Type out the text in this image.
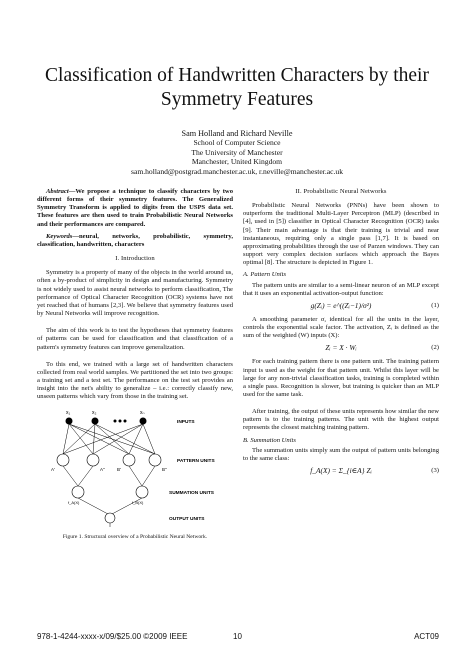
Classification of Handwritten Characters by their
Symmetry Features
Sam Holland and Richard Neville
School of Computer Science
The University of Manchester
Manchester, United Kingdom
sam.holland@postgrad.manchester.ac.uk, r.neville@manchester.ac.uk

Abstract—We propose a technique to classify characters by two different forms of their symmetry features. The Generalized Symmetry Transform is applied to digits from the USPS data set. These features are then used to train Probabilistic Neural Networks and their performances are compared.

Keywords—neural, networks, probabilistic, symmetry, classification, handwritten, characters

I. Introduction

Symmetry is a property of many of the objects in the world around us, often a by-product of simplicity in design and manufacturing. Symmetry is not widely used to assist neural networks to perform classification, The performance of Optical Character Recognition (OCR) systems have not yet reached that of humans [2,3]. We believe that symmetry features used by Neural Networks will improve recognition.

The aim of this work is to test the hypotheses that symmetry features of patterns can be used for classification and that classification of a pattern's symmetry features can improve generalization.

To this end, we trained with a large set of handwritten characters collected from real world samples. We partitioned the set into two groups: a training set and a test set. The performance on the test set provides an insight into the net's ability to generalize – i.e.: correctly classify new, unseen patterns which vary from those in the training set.

x₁	x₂	xₙ
A'	A''	B'	B''
f_A(X)	f_B(X)
INPUTS
PATTERN UNITS
SUMMATION UNITS
OUTPUT UNITS
Figure 1. Structural overview of a Probabilistic Neural Network.
II. Probabilistic Neural Networks

Probabilistic Neural Networks (PNNs) have been shown to outperform the traditional Multi-Layer Perceptron (MLP) (described in [4], used in [5]) classifier in Optical Character Recognition (OCR) tasks [9]. Their main advantage is that their training is trivial and near instantaneous, requiring only a single pass [1,7]. It is based on approximating probabilities through the use of Parzen windows. They can support very complex decision surfaces which approach the Bayes optimal [8]. The structure is depicted in Figure 1.

A. Pattern Units

The pattern units are similar to a semi-linear neuron of an MLP except that it uses an exponential activation-output function:

g(Zᵢ) = e^((Zᵢ−1)/σ²)	(1)

A smoothing parameter σ, identical for all the units in the layer, controls the exponential scale factor. The activation, Zᵢ is defined as the sum of the weighted (W) inputs (X):

Zᵢ = X · Wᵢ	(2)

For each training pattern there is one pattern unit. The training pattern input is used as the weight for that pattern unit. Whilst this layer will be large for any non-trivial classification tasks, training is completed within a single pass. Recognition is slower, but training is quicker than an MLP used for the same task.

After training, the output of these units represents how similar the new pattern is to the training patterns. The unit with the highest output represents the closest matching training pattern.

B. Summation Units

The summation units simply sum the output of pattern units belonging to the same class:

f_A(X) = Σ_{i∈A} Zᵢ	(3)
978-1-4244-xxxx-x/09/$25.00 ©2009 IEEE	10	ACT09
